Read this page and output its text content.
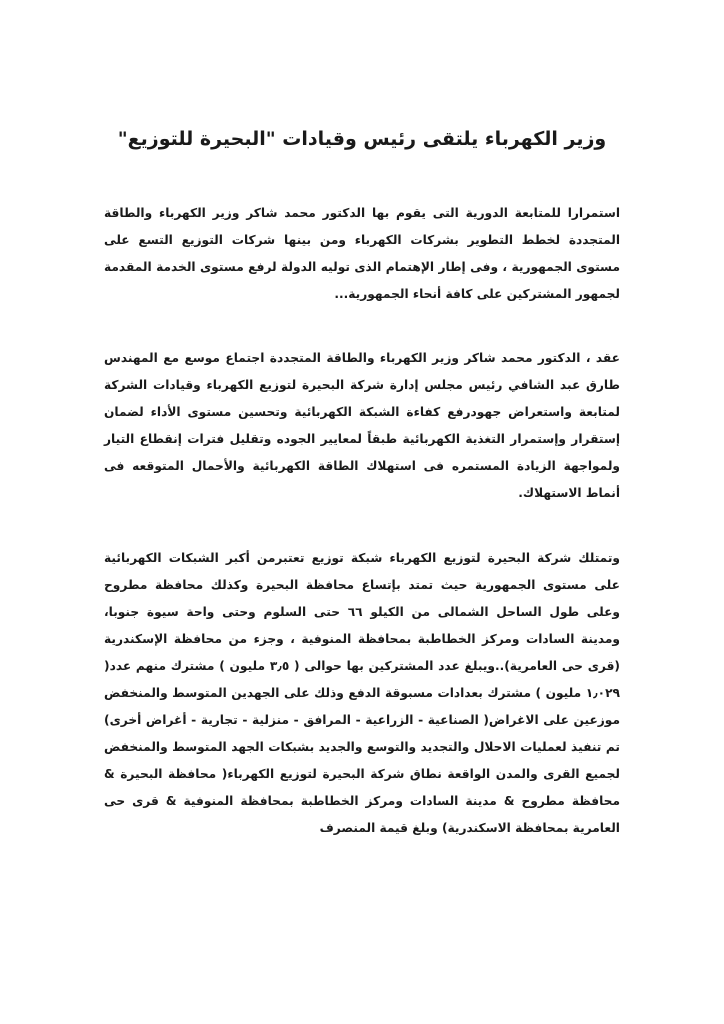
وزير الكهرباء يلتقى رئيس وقيادات "البحيرة للتوزيع"

استمرارا للمتابعة الدورية التى يقوم بها الدكتور محمد شاكر وزير الكهرباء والطاقة المتجددة لخطط التطوير بشركات الكهرباء ومن بينها شركات التوزيع التسع على مستوى الجمهورية ، وفى إطار الإهتمام الذى توليه الدولة لرفع مستوى الخدمة المقدمة لجمهور المشتركين على كافة أنحاء الجمهورية...

عقد ، الدكتور محمد شاكر وزير الكهرباء والطاقة المتجددة اجتماع موسع مع المهندس طارق عبد الشافي رئيس مجلس إدارة شركة البحيرة لتوزيع الكهرباء وقيادات الشركة لمتابعة واستعراض جهودرفع كفاءة الشبكة الكهربائية وتحسين مستوى الأداء لضمان إستقرار وإستمرار التغذية الكهربائية طبقاً لمعايير الجوده وتقليل فترات إنقطاع التيار ولمواجهة الزيادة المستمره فى استهلاك الطاقة الكهربائية والأحمال المتوقعه فى أنماط الاستهلاك.

وتمتلك شركة البحيرة لتوزيع الكهرباء شبكة توزيع تعتبرمن أكبر الشبكات الكهربائية على مستوى الجمهورية حيث تمتد بإتساع محافظة البحيرة وكذلك محافظة مطروح وعلى طول الساحل الشمالى من الكيلو ٦٦ حتى السلوم وحتى واحة سيوة جنوبا، ومدينة السادات ومركز الخطاطبة بمحافظة المنوفية ، وجزء من محافظة الإسكندرية (قرى حى العامرية)..ويبلغ عدد المشتركين بها حوالى ( ٣٫٥ مليون ) مشترك منهم عدد( ١٫٠٢٩ مليون ) مشترك بعدادات مسبوقة الدفع وذلك على الجهدين المتوسط والمنخفض موزعين على الاغراض( الصناعية - الزراعية - المرافق - منزلية - تجارية - أغراض أخرى) تم تنفيذ لعمليات الاحلال والتجديد والتوسع والجديد بشبكات الجهد المتوسط والمنخفض لجميع القرى والمدن الواقعة نطاق شركة البحيرة لتوزيع الكهرباء( محافظة البحيرة & محافظة مطروح & مدينة السادات ومركز الخطاطبة بمحافظة المنوفية & قرى حى العامرية بمحافظة الاسكندرية) وبلغ قيمة المنصرف
